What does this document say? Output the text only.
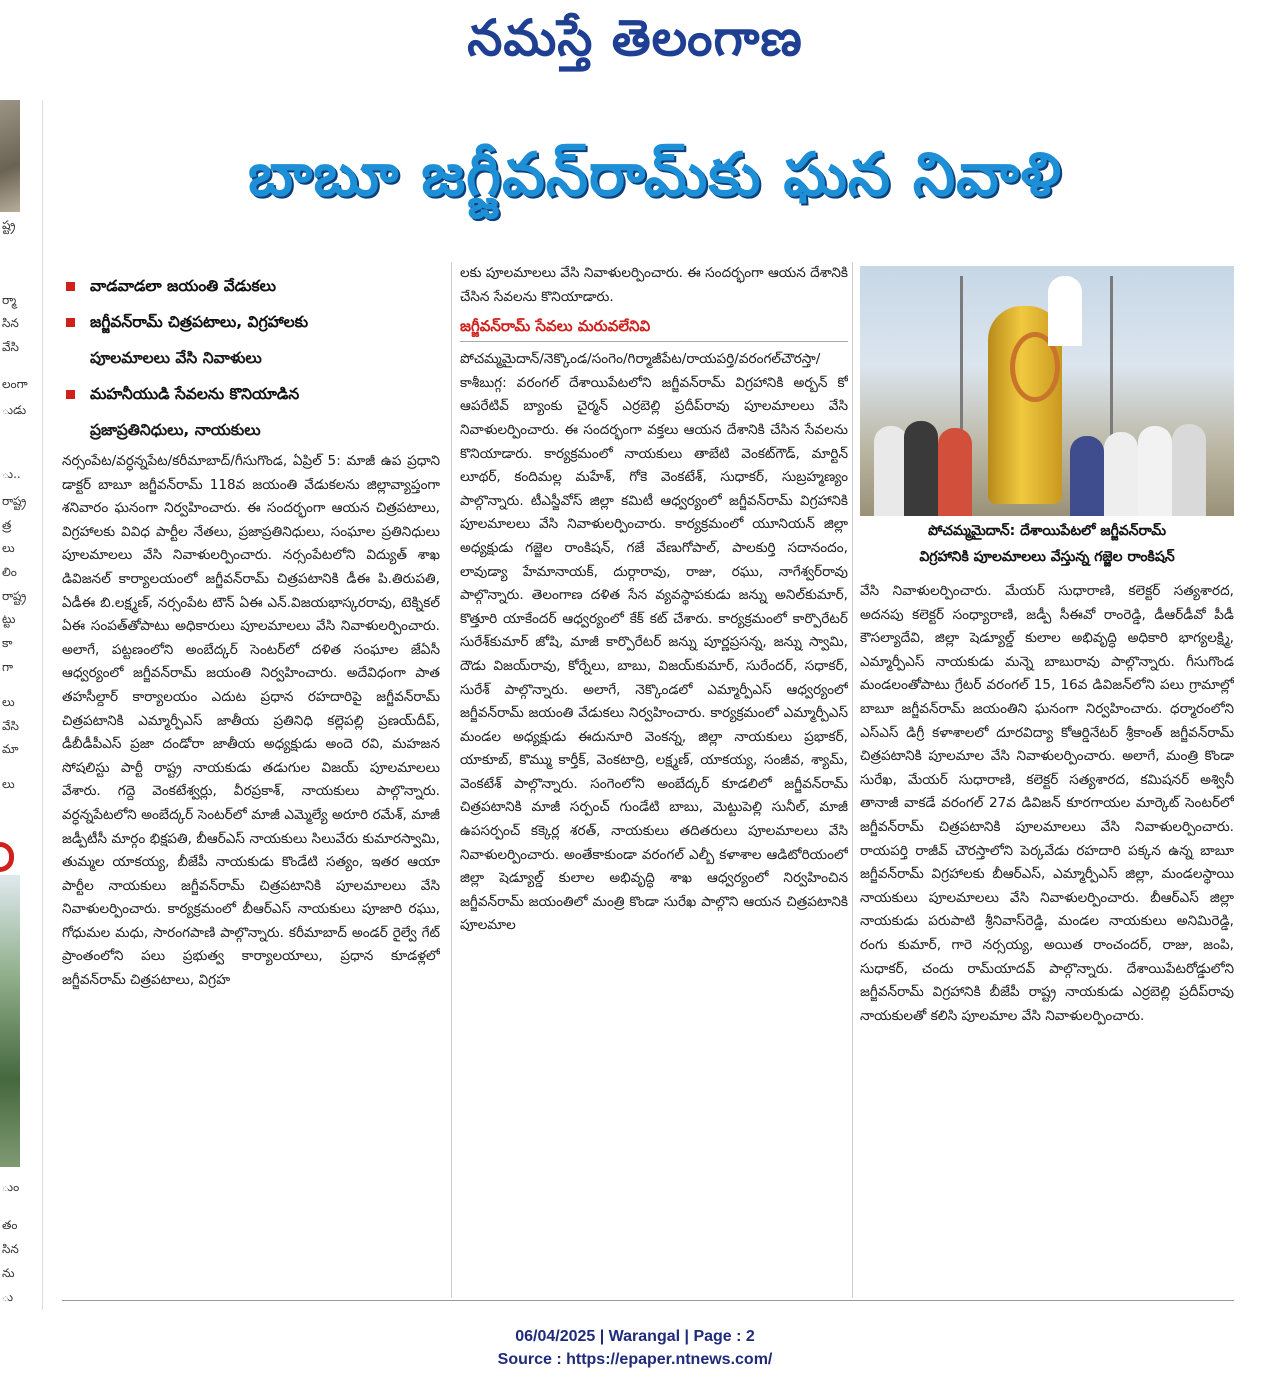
నమస్తే తెలంగాణ
ష్ట్ర
ర్మా
సిన
వేసి
లంగా
ుడు
ు..
రాష్ట్ర
త్ర
లు
లిం
రాష్ట్ర
ట్టు
కా
గా
లు
వేసి
మా
లు
ుం
తం
సిన
ను
ు
బాబూ జగ్జీవన్‌రామ్‌కు ఘన నివాళి
వాడవాడలా జయంతి వేడుకలు
జగ్జీవన్‌రామ్‌ చిత్రపటాలు, విగ్రహాలకు
పూలమాలలు వేసి నివాళులు
మహనీయుడి సేవలను కొనియాడిన
ప్రజాప్రతినిధులు, నాయకులు

నర్సంపేట/వర్ధన్నపేట/కరీమాబాద్‌/గీసుగొండ, ఏప్రిల్‌ 5: మాజీ ఉప ప్రధాని డాక్టర్‌ బాబూ జగ్జీవన్‌రామ్‌ 118వ జయంతి వేడుకలను జిల్లావ్యాప్తంగా శనివారం ఘనంగా నిర్వహించారు. ఈ సందర్భంగా ఆయన చిత్రపటాలు, విగ్రహాలకు వివిధ పార్టీల నేతలు, ప్రజాప్రతినిధులు, సంఘాల ప్రతినిధులు పూలమాలలు వేసి నివాళులర్పించారు. నర్సంపేటలోని విద్యుత్‌ శాఖ డివిజనల్‌ కార్యాలయంలో జగ్జీవన్‌రామ్‌ చిత్రపటానికి డీఈ పి.తిరుపతి, ఏడీఈ బి.లక్ష్మణ్‌, నర్సంపేట టౌన్‌ ఏఈ ఎన్‌.విజయభాస్కరరావు, టెక్నికల్‌ ఏఈ సంపత్‌తోపాటు అధికారులు పూలమాలలు వేసి నివాళులర్పించారు. అలాగే, పట్టణంలోని అంబేద్కర్‌ సెంటర్‌లో దళిత సంఘాల జేఏసీ ఆధ్వర్యంలో జగ్జీవన్‌రామ్‌ జయంతి నిర్వహించారు. అదేవిధంగా పాత తహసీల్దార్‌ కార్యాలయం ఎదుట ప్రధాన రహదారిపై జగ్జీవన్‌రామ్‌ చిత్రపటానికి ఎమ్మార్పీఎస్‌ జాతీయ ప్రతినిధి కల్లెపల్లి ప్రణయ్‌దీప్‌, డీబీడీపీఎస్‌ ప్రజా దండోరా జాతీయ అధ్యక్షుడు అందె రవి, మహజన సోషలిస్టు పార్టీ రాష్ట్ర నాయకుడు తడుగుల విజయ్‌ పూలమాలలు వేశారు. గద్దె వెంకటేశ్వర్లు, వీరప్రకాశ్‌, నాయకులు పాల్గొన్నారు. వర్ధన్నపేటలోని అంబేద్కర్‌ సెంటర్‌లో మాజీ ఎమ్మెల్యే అరూరి రమేశ్‌, మాజీ జడ్పీటీసీ మార్గం భిక్షపతి, బీఆర్‌ఎస్‌ నాయకులు సిలువేరు కుమారస్వామి, తుమ్మల యాకయ్య, బీజేపీ నాయకుడు కొండేటి సత్యం, ఇతర ఆయా పార్టీల నాయకులు జగ్జీవన్‌రామ్‌ చిత్రపటానికి పూలమాలలు వేసి నివాళులర్పించారు. కార్యక్రమంలో బీఆర్‌ఎస్‌ నాయకులు పూజారి రఘు, గోధుమల మధు, సారంగపాణి పాల్గొన్నారు. కరీమాబాద్‌ అండర్‌ రైల్వే గేట్‌ ప్రాంతంలోని పలు ప్రభుత్వ కార్యాలయాలు, ప్రధాన కూడళ్లలో జగ్జీవన్‌రామ్‌ చిత్రపటాలు, విగ్రహ

లకు పూలమాలలు వేసి నివాళులర్పించారు. ఈ సందర్భంగా ఆయన దేశానికి చేసిన సేవలను కొనియాడారు.

జగ్జీవన్‌రామ్‌ సేవలు మరువలేనివి

పోచమ్మమైదాన్‌/నెక్కొండ/సంగెం/గిర్మాజీపేట/రాయపర్తి/వరంగల్‌చౌరస్తా/కాశీబుగ్గ: వరంగల్‌ దేశాయిపేటలోని జగ్జీవన్‌రామ్‌ విగ్రహానికి అర్బన్‌ కో ఆపరేటివ్‌ బ్యాంకు చైర్మన్‌ ఎర్రబెల్లి ప్రదీప్‌రావు పూలమాలలు వేసి నివాళులర్పించారు. ఈ సందర్భంగా వక్తలు ఆయన దేశానికి చేసిన సేవలను కొనియాడారు. కార్యక్రమంలో నాయకులు తాబేటి వెంకట్‌గౌడ్‌, మార్టిన్‌ లూథర్‌, కందిమల్ల మహేశ్‌, గోకె వెంకటేశ్‌, సుధాకర్‌, సుబ్రహ్మణ్యం పాల్గొన్నారు. టీఎస్జీవోస్‌ జిల్లా కమిటీ ఆధ్వర్యంలో జగ్జీవన్‌రామ్‌ విగ్రహానికి పూలమాలలు వేసి నివాళులర్పించారు. కార్యక్రమంలో యూనియన్‌ జిల్లా అధ్యక్షుడు గజ్జెల రాంకిషన్‌, గజే వేణుగోపాల్‌, పాలకుర్తి సదానందం, లావుడ్యా హేమానాయక్‌, దుర్గారావు, రాజు, రఘు, నాగేశ్వర్‌రావు పాల్గొన్నారు. తెలంగాణ దళిత సేన వ్యవస్థాపకుడు జన్ను అనిల్‌కుమార్‌, కొత్తూరి యాకేందర్‌ ఆధ్వర్యంలో కేక్‌ కట్‌ చేశారు. కార్యక్రమంలో కార్పొరేటర్‌ సురేశ్‌కుమార్‌ జోషి, మాజీ కార్పొరేటర్‌ జన్ను పూర్ణప్రసన్న, జన్ను స్వామి, దౌడు విజయ్‌రావు, కోర్నేలు, బాబు, విజయ్‌కుమార్‌, సురేందర్‌, సధాకర్‌, సురేశ్‌ పాల్గొన్నారు. అలాగే, నెక్కొండలో ఎమ్మార్పీఎస్‌ ఆధ్వర్యంలో జగ్జీవన్‌రామ్‌ జయంతి వేడుకలు నిర్వహించారు. కార్యక్రమంలో ఎమ్మార్పీఎస్‌ మండల అధ్యక్షుడు ఈదునూరి వెంకన్న, జిల్లా నాయకులు ప్రభాకర్‌, యాకూబ్‌, కొమ్ము కార్తీక్‌, వెంకటాద్రి, లక్ష్మణ్‌, యాకయ్య, సంజీవ, శ్యామ్‌, వెంకటేశ్‌ పాల్గొన్నారు. సంగెంలోని అంబేద్కర్‌ కూడలిలో జగ్జీవన్‌రామ్‌ చిత్రపటానికి మాజీ సర్పంచ్‌ గుండేటి బాబు, మెట్టుపెల్లి సునీల్‌, మాజీ ఉపసర్పంచ్‌ కక్కెర్ల శరత్‌, నాయకులు తదితరులు పూలమాలలు వేసి నివాళులర్పించారు. అంతేకాకుండా వరంగల్‌ ఎల్బీ కళాశాల ఆడిటోరియంలో జిల్లా షెడ్యూల్డ్‌ కులాల అభివృద్ధి శాఖ ఆధ్వర్యంలో నిర్వహించిన జగ్జీవన్‌రామ్‌ జయంతిలో మంత్రి కొండా సురేఖ పాల్గొని ఆయన చిత్రపటానికి పూలమాల

పోచమ్మమైదాన్‌: దేశాయిపేటలో జగ్జీవన్‌రామ్‌
విగ్రహానికి పూలమాలలు వేస్తున్న గజ్జెల రాంకిషన్‌

వేసి నివాళులర్పించారు. మేయర్‌ సుధారాణి, కలెక్టర్‌ సత్యశారద, అదనపు కలెక్టర్‌ సంధ్యారాణి, జడ్పీ సీఈవో రాంరెడ్డి, డీఆర్‌డీవో పీడీ కౌసల్యాదేవి, జిల్లా షెడ్యూల్డ్‌ కులాల అభివృద్ధి అధికారి భాగ్యలక్ష్మి, ఎమ్మార్పీఎస్‌ నాయకుడు మన్నె బాబురావు పాల్గొన్నారు. గీసుగొండ మండలంతోపాటు గ్రేటర్‌ వరంగల్‌ 15, 16వ డివిజన్‌లోని పలు గ్రామాల్లో బాబూ జగ్జీవన్‌రామ్‌ జయంతిని ఘనంగా నిర్వహించారు. ధర్మారంలోని ఎస్‌ఎస్‌ డిగ్రీ కళాశాలలో దూరవిద్యా కోఆర్డినేటర్‌ శ్రీకాంత్‌ జగ్జీవన్‌రామ్‌ చిత్రపటానికి పూలమాల వేసి నివాళులర్పించారు. అలాగే, మంత్రి కొండా సురేఖ, మేయర్‌ సుధారాణి, కలెక్టర్‌ సత్యశారద, కమిషనర్‌ అశ్వినీ తానాజీ వాకడే వరంగల్‌ 27వ డివిజన్‌ కూరగాయల మార్కెట్‌ సెంటర్‌లో జగ్జీవన్‌రామ్‌ చిత్రపటానికి పూలమాలలు వేసి నివాళులర్పించారు. రాయపర్తి రాజీవ్‌ చౌరస్తాలోని పెర్కవేడు రహదారి పక్కన ఉన్న బాబూ జగ్జీవన్‌రామ్‌ విగ్రహాలకు బీఆర్‌ఎస్‌, ఎమ్మార్పీఎస్‌ జిల్లా, మండలస్థాయి నాయకులు పూలమాలలు వేసి నివాళులర్పించారు. బీఆర్‌ఎస్‌ జిల్లా నాయకుడు పరుపాటి శ్రీనివాస్‌రెడ్డి, మండల నాయకులు అనిమిరెడ్డి, రంగు కుమార్‌, గారె నర్సయ్య, అయిత రాంచందర్‌, రాజు, జంపి, సుధాకర్‌, చందు రామ్‌యాదవ్‌ పాల్గొన్నారు. దేశాయిపేటరోడ్డులోని జగ్జీవన్‌రామ్‌ విగ్రహానికి బీజేపీ రాష్ట్ర నాయకుడు ఎర్రబెల్లి ప్రదీప్‌రావు నాయకులతో కలిసి పూలమాల వేసి నివాళులర్పించారు.

06/04/2025 | Warangal | Page : 2
Source : https://epaper.ntnews.com/
